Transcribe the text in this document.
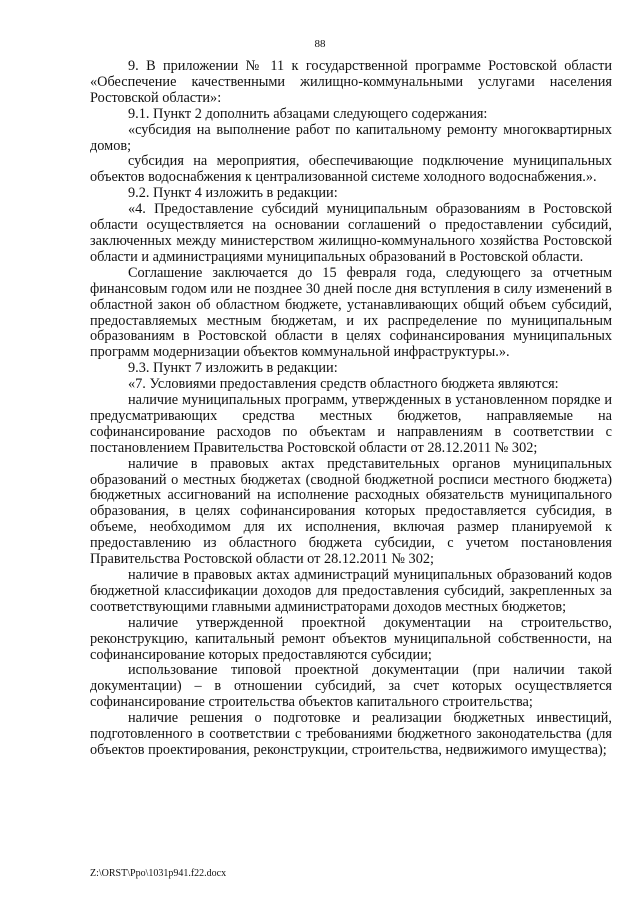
88

9. В приложении № 11 к государственной программе Ростовской области «Обеспечение качественными жилищно-коммунальными услугами населения Ростовской области»:

9.1. Пункт 2 дополнить абзацами следующего содержания:

«субсидия на выполнение работ по капитальному ремонту многоквартирных домов;

субсидия на мероприятия, обеспечивающие подключение муниципальных объектов водоснабжения к централизованной системе холодного водоснабжения.».

9.2. Пункт 4 изложить в редакции:

«4. Предоставление субсидий муниципальным образованиям в Ростовской области осуществляется на основании соглашений о предоставлении субсидий, заключенных между министерством жилищно-коммунального хозяйства Ростовской области и администрациями муниципальных образований в Ростовской области.

Соглашение заключается до 15 февраля года, следующего за отчетным финансовым годом или не позднее 30 дней после дня вступления в силу изменений в областной закон об областном бюджете, устанавливающих общий объем субсидий, предоставляемых местным бюджетам, и их распределение по муниципальным образованиям в Ростовской области в целях софинансирования муниципальных программ модернизации объектов коммунальной инфраструктуры.».

9.3. Пункт 7 изложить в редакции:

«7. Условиями предоставления средств областного бюджета являются:

наличие муниципальных программ, утвержденных в установленном порядке и предусматривающих средства местных бюджетов, направляемые на софинансирование расходов по объектам и направлениям в соответствии с постановлением Правительства Ростовской области от 28.12.2011 № 302;

наличие в правовых актах представительных органов муниципальных образований о местных бюджетах (сводной бюджетной росписи местного бюджета) бюджетных ассигнований на исполнение расходных обязательств муниципального образования, в целях софинансирования которых предоставляется субсидия, в объеме, необходимом для их исполнения, включая размер планируемой к предоставлению из областного бюджета субсидии, с учетом постановления Правительства Ростовской области от 28.12.2011 № 302;

наличие в правовых актах администраций муниципальных образований кодов бюджетной классификации доходов для предоставления субсидий, закрепленных за соответствующими главными администраторами доходов местных бюджетов;

наличие утвержденной проектной документации на строительство, реконструкцию, капитальный ремонт объектов муниципальной собственности, на софинансирование которых предоставляются субсидии;

использование типовой проектной документации (при наличии такой документации) – в отношении субсидий, за счет которых осуществляется софинансирование строительства объектов капитального строительства;

наличие решения о подготовке и реализации бюджетных инвестиций, подготовленного в соответствии с требованиями бюджетного законодательства (для объектов проектирования, реконструкции, строительства, недвижимого имущества);

Z:\ORST\Ppo\1031p941.f22.docx
